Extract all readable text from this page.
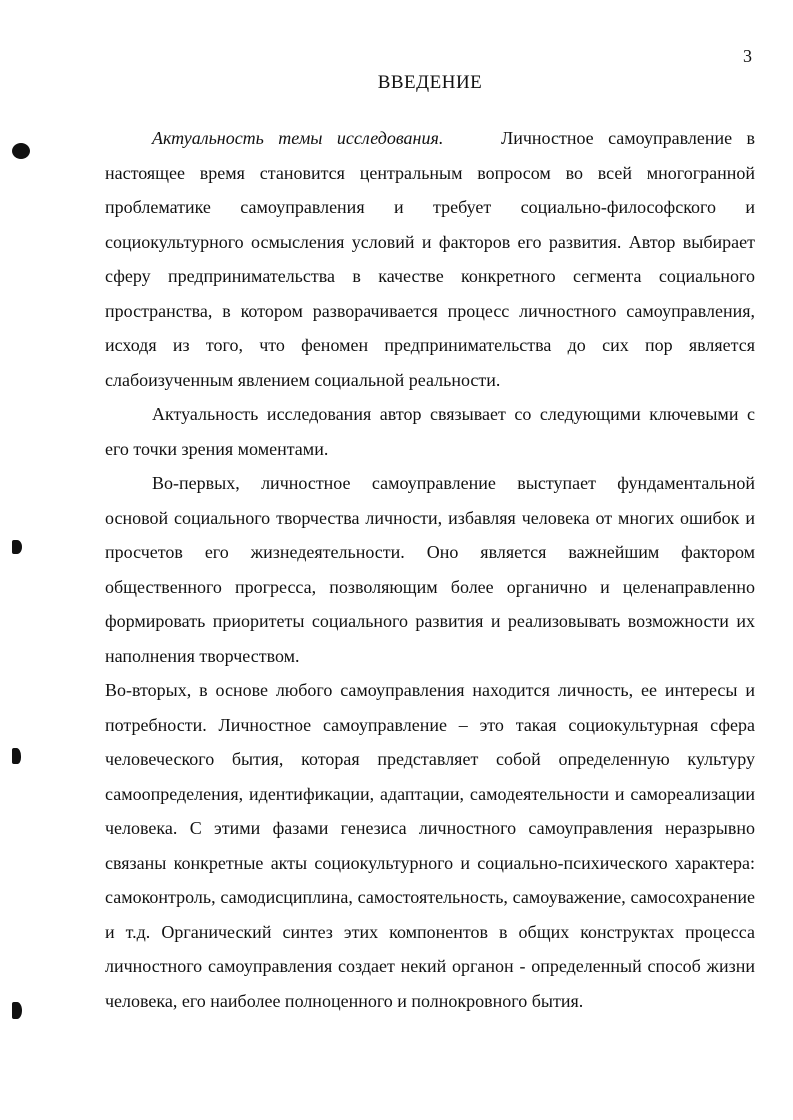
3
ВВЕДЕНИЕ

Актуальность темы исследования.	Личностное самоуправление в настоящее время становится центральным вопросом во всей многогранной проблематике самоуправления и требует социально-философского и социокультурного осмысления условий и факторов его развития. Автор выбирает сферу предпринимательства в качестве конкретного сегмента социального пространства, в котором разворачивается процесс личностного самоуправления, исходя из того, что феномен предпринимательства до сих пор является слабоизученным явлением социальной реальности.

Актуальность исследования автор связывает со следующими ключевыми с его точки зрения моментами.

Во-первых, личностное самоуправление выступает фундаментальной основой социального творчества личности, избавляя человека от многих ошибок и просчетов его жизнедеятельности. Оно является важнейшим фактором общественного прогресса, позволяющим более органично и целенаправленно формировать приоритеты социального развития и реализовывать возможности их наполнения творчеством.

Во-вторых, в основе любого самоуправления находится личность, ее интересы и потребности. Личностное самоуправление – это такая социокультурная сфера человеческого бытия, которая представляет собой определенную культуру самоопределения, идентификации, адаптации, самодеятельности и самореализации человека. С этими фазами генезиса личностного самоуправления неразрывно связаны конкретные акты социокультурного и социально-психического характера: самоконтроль, самодисциплина, самостоятельность, самоуважение, самосохранение и т.д. Органический синтез этих компонентов в общих конструктах процесса личностного самоуправления создает некий органон - определенный способ жизни человека, его наиболее полноценного и полнокровного бытия.
